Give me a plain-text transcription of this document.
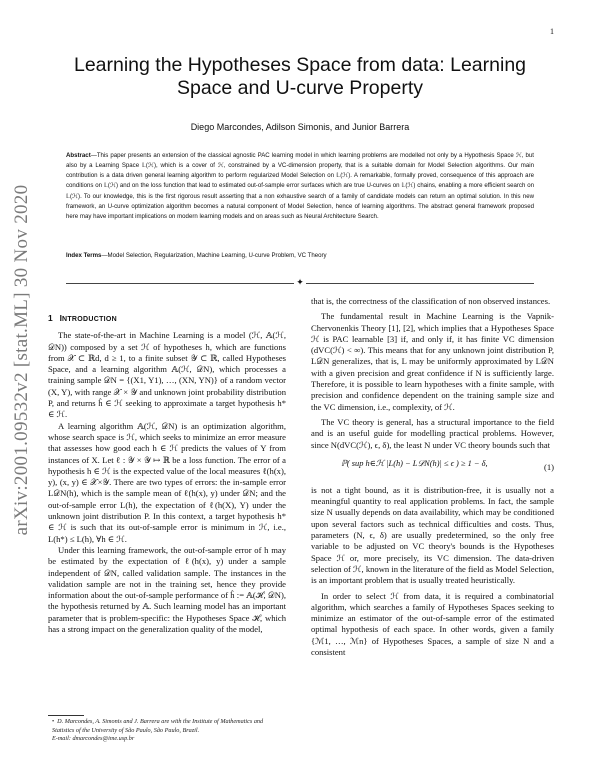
1
arXiv:2001.09532v2 [stat.ML] 30 Nov 2020
Learning the Hypotheses Space from data: Learning Space and U-curve Property
Diego Marcondes, Adilson Simonis, and Junior Barrera
Abstract—This paper presents an extension of the classical agnostic PAC learning model in which learning problems are modelled not only by a Hypothesis Space ℋ, but also by a Learning Space 𝕃(ℋ), which is a cover of ℋ, constrained by a VC-dimension property, that is a suitable domain for Model Selection algorithms. Our main contribution is a data driven general learning algorithm to perform regularized Model Selection on 𝕃(ℋ). A remarkable, formally proved, consequence of this approach are conditions on 𝕃(ℋ) and on the loss function that lead to estimated out-of-sample error surfaces which are true U-curves on 𝕃(ℋ) chains, enabling a more efficient search on 𝕃(ℋ). To our knowledge, this is the first rigorous result asserting that a non exhaustive search of a family of candidate models can return an optimal solution. In this new framework, an U-curve optimization algorithm becomes a natural component of Model Selection, hence of learning algorithms. The abstract general framework proposed here may have important implications on modern learning models and on areas such as Neural Architecture Search.
Index Terms—Model Selection, Regularization, Machine Learning, U-curve Problem, VC Theory
✦
1 INTRODUCTION

The state-of-the-art in Machine Learning is a model (ℋ, 𝔸(ℋ, 𝒟N)) composed by a set ℋ of hypotheses h, which are functions from 𝒳 ⊂ ℝd, d ≥ 1, to a finite subset 𝒴 ⊂ ℝ, called Hypotheses Space, and a learning algorithm 𝔸(ℋ, 𝒟N), which processes a training sample 𝒟N = {(X1, Y1), …, (XN, YN)} of a random vector (X, Y), with range 𝒳 × 𝒴 and unknown joint probability distribution P, and returns ĥ ∈ ℋ seeking to approximate a target hypothesis h* ∈ ℋ.

A learning algorithm 𝔸(ℋ, 𝒟N) is an optimization algorithm, whose search space is ℋ, which seeks to minimize an error measure that assesses how good each h ∈ ℋ predicts the values of Y from instances of X. Let ℓ : 𝒴 × 𝒴 ↦ ℝ be a loss function. The error of a hypothesis h ∈ ℋ is the expected value of the local measures ℓ(h(x), y), (x, y) ∈ 𝒳×𝒴. There are two types of errors: the in-sample error L𝒟N(h), which is the sample mean of ℓ(h(x), y) under 𝒟N; and the out-of-sample error L(h), the expectation of ℓ(h(X), Y) under the unknown joint distribution P. In this context, a target hypothesis h* ∈ ℋ is such that its out-of-sample error is minimum in ℋ, i.e., L(h*) ≤ L(h), ∀h ∈ ℋ.

Under this learning framework, the out-of-sample error of h may be estimated by the expectation of ℓ(h(x), y) under a sample independent of 𝒟N, called validation sample. The instances in the validation sample are not in the training set, hence they provide information about the out-of-sample performance of ĥ := 𝔸(ℋ, 𝒟N), the hypothesis returned by 𝔸. Such learning model has an important parameter that is problem-specific: the Hypotheses Space ℋ, which has a strong impact on the generalization quality of the model,

that is, the correctness of the classification of non observed instances.

The fundamental result in Machine Learning is the Vapnik-Chervonenkis Theory [1], [2], which implies that a Hypotheses Space ℋ is PAC learnable [3] if, and only if, it has finite VC dimension (dVC(ℋ) < ∞). This means that for any unknown joint distribution P, L𝒟N generalizes, that is, L may be uniformly approximated by L𝒟N with a given precision and great confidence if N is sufficiently large. Therefore, it is possible to learn hypotheses with a finite sample, with precision and confidence dependent on the training sample size and the VC dimension, i.e., complexity, of ℋ.

The VC theory is general, has a structural importance to the field and is an useful guide for modelling practical problems. However, since N(dVC(ℋ), ϵ, δ), the least N under VC theory bounds such that

ℙ( sup h∈ℋ |L(h) − L𝒟N(h)| ≤ ϵ ) ≥ 1 − δ,	(1)

is not a tight bound, as it is distribution-free, it is usually not a meaningful quantity to real application problems. In fact, the sample size N usually depends on data availability, which may be conditioned upon several factors such as technical difficulties and costs. Thus, parameters (N, ϵ, δ) are usually predetermined, so the only free variable to be adjusted on VC theory's bounds is the Hypotheses Space ℋ or, more precisely, its VC dimension. The data-driven selection of ℋ, known in the literature of the field as Model Selection, is an important problem that is usually treated heuristically.

In order to select ℋ from data, it is required a combinatorial algorithm, which searches a family of Hypotheses Spaces seeking to minimize an estimator of the out-of-sample error of the estimated optimal hypothesis of each space. In other words, given a family {ℳ1, …, ℳn} of Hypotheses Spaces, a sample of size N and a consistent

• D. Marcondes, A. Simonis and J. Barrera are with the Institute of Mathematics and Statistics of the University of São Paulo, São Paulo, Brazil.
E-mail: dmarcondes@ime.usp.br
